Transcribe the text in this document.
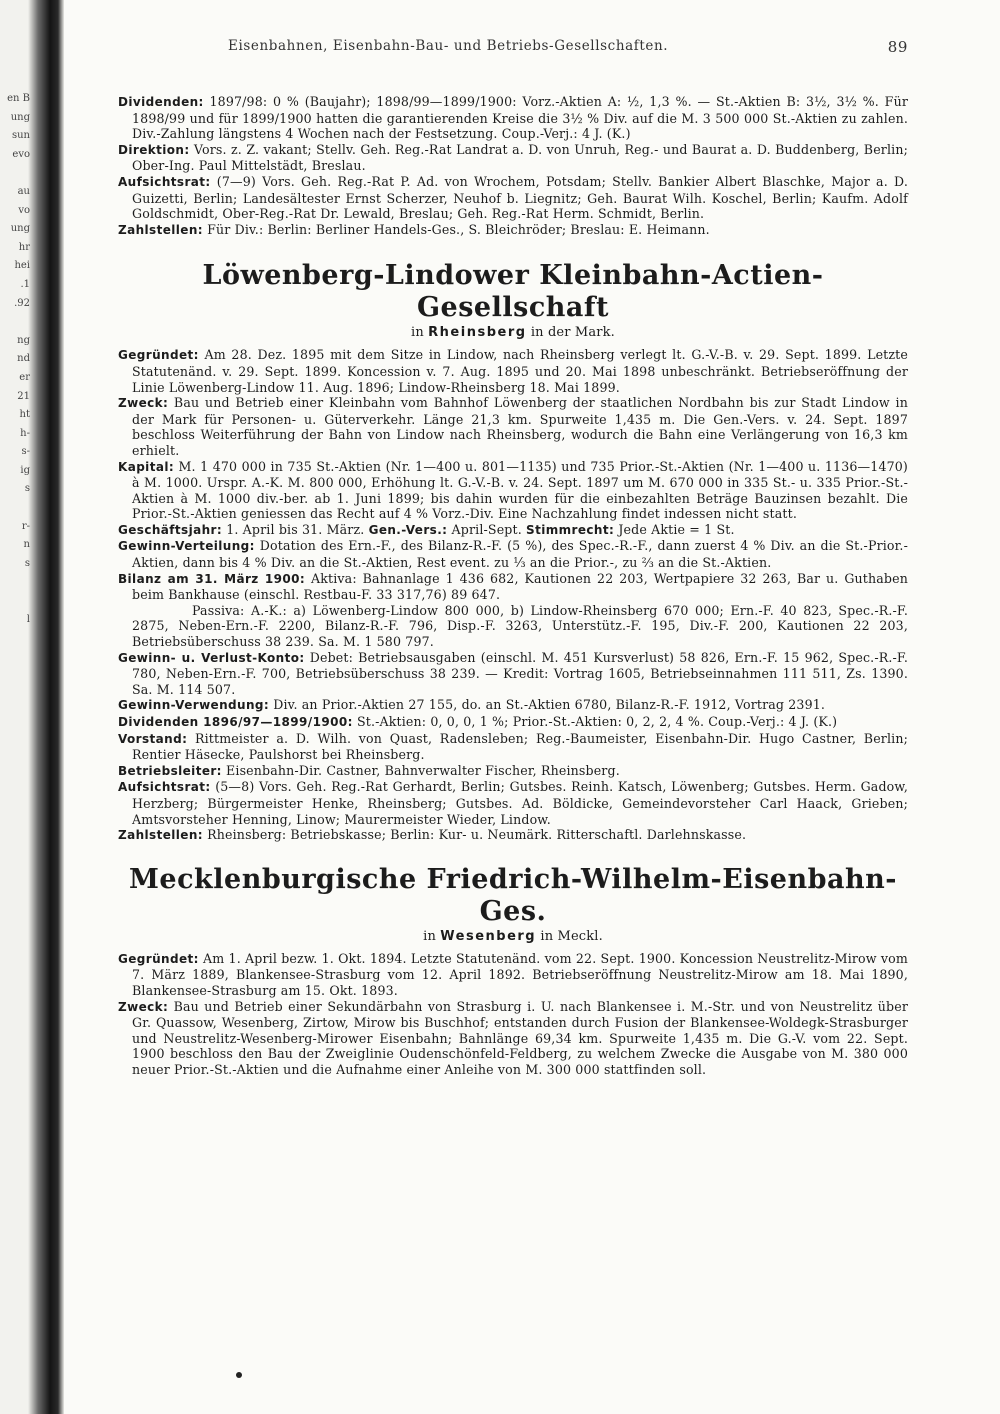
en B
ung
sun
evo
au
vo
ung
hr
hei
.1
.92
ng
nd
er
21
ht
h-
s-
ig
s
r-
n
s
l
Eisenbahnen, Eisenbahn-Bau- und Betriebs-Gesellschaften.	89

Dividenden: 1897/98: 0 % (Baujahr); 1898/99—1899/1900: Vorz.-Aktien A: ½, 1,3 %. — St.-Aktien B: 3½, 3½ %. Für 1898/99 und für 1899/1900 hatten die garantierenden Kreise die 3½ % Div. auf die M. 3 500 000 St.-Aktien zu zahlen. Div.-Zahlung längstens 4 Wochen nach der Festsetzung. Coup.-Verj.: 4 J. (K.)

Direktion: Vors. z. Z. vakant; Stellv. Geh. Reg.-Rat Landrat a. D. von Unruh, Reg.- und Baurat a. D. Buddenberg, Berlin; Ober-Ing. Paul Mittelstädt, Breslau.

Aufsichtsrat: (7—9) Vors. Geh. Reg.-Rat P. Ad. von Wrochem, Potsdam; Stellv. Bankier Albert Blaschke, Major a. D. Guizetti, Berlin; Landesältester Ernst Scherzer, Neuhof b. Liegnitz; Geh. Baurat Wilh. Koschel, Berlin; Kaufm. Adolf Goldschmidt, Ober-Reg.-Rat Dr. Lewald, Breslau; Geh. Reg.-Rat Herm. Schmidt, Berlin.

Zahlstellen: Für Div.: Berlin: Berliner Handels-Ges., S. Bleichröder; Breslau: E. Heimann.

Löwenberg-Lindower Kleinbahn-Actien-Gesellschaft

in Rheinsberg in der Mark.

Gegründet: Am 28. Dez. 1895 mit dem Sitze in Lindow, nach Rheinsberg verlegt lt. G.-V.-B. v. 29. Sept. 1899. Letzte Statutenänd. v. 29. Sept. 1899. Koncession v. 7. Aug. 1895 und 20. Mai 1898 unbeschränkt. Betriebseröffnung der Linie Löwenberg-Lindow 11. Aug. 1896; Lindow-Rheinsberg 18. Mai 1899.

Zweck: Bau und Betrieb einer Kleinbahn vom Bahnhof Löwenberg der staatlichen Nordbahn bis zur Stadt Lindow in der Mark für Personen- u. Güterverkehr. Länge 21,3 km. Spurweite 1,435 m. Die Gen.-Vers. v. 24. Sept. 1897 beschloss Weiterführung der Bahn von Lindow nach Rheinsberg, wodurch die Bahn eine Verlängerung von 16,3 km erhielt.

Kapital: M. 1 470 000 in 735 St.-Aktien (Nr. 1—400 u. 801—1135) und 735 Prior.-St.-Aktien (Nr. 1—400 u. 1136—1470) à M. 1000. Urspr. A.-K. M. 800 000, Erhöhung lt. G.-V.-B. v. 24. Sept. 1897 um M. 670 000 in 335 St.- u. 335 Prior.-St.-Aktien à M. 1000 div.-ber. ab 1. Juni 1899; bis dahin wurden für die einbezahlten Beträge Bauzinsen bezahlt. Die Prior.-St.-Aktien geniessen das Recht auf 4 % Vorz.-Div. Eine Nachzahlung findet indessen nicht statt.

Geschäftsjahr: 1. April bis 31. März. Gen.-Vers.: April-Sept. Stimmrecht: Jede Aktie = 1 St.

Gewinn-Verteilung: Dotation des Ern.-F., des Bilanz-R.-F. (5 %), des Spec.-R.-F., dann zuerst 4 % Div. an die St.-Prior.-Aktien, dann bis 4 % Div. an die St.-Aktien, Rest event. zu ⅓ an die Prior.-, zu ⅔ an die St.-Aktien.

Bilanz am 31. März 1900: Aktiva: Bahnanlage 1 436 682, Kautionen 22 203, Wertpapiere 32 263, Bar u. Guthaben beim Bankhause (einschl. Restbau-F. 33 317,76) 89 647.
Passiva: A.-K.: a) Löwenberg-Lindow 800 000, b) Lindow-Rheinsberg 670 000; Ern.-F. 40 823, Spec.-R.-F. 2875, Neben-Ern.-F. 2200, Bilanz-R.-F. 796, Disp.-F. 3263, Unterstütz.-F. 195, Div.-F. 200, Kautionen 22 203, Betriebsüberschuss 38 239. Sa. M. 1 580 797.

Gewinn- u. Verlust-Konto: Debet: Betriebsausgaben (einschl. M. 451 Kursverlust) 58 826, Ern.-F. 15 962, Spec.-R.-F. 780, Neben-Ern.-F. 700, Betriebsüberschuss 38 239. — Kredit: Vortrag 1605, Betriebseinnahmen 111 511, Zs. 1390. Sa. M. 114 507.

Gewinn-Verwendung: Div. an Prior.-Aktien 27 155, do. an St.-Aktien 6780, Bilanz-R.-F. 1912, Vortrag 2391.

Dividenden 1896/97—1899/1900: St.-Aktien: 0, 0, 0, 1 %; Prior.-St.-Aktien: 0, 2, 2, 4 %. Coup.-Verj.: 4 J. (K.)

Vorstand: Rittmeister a. D. Wilh. von Quast, Radensleben; Reg.-Baumeister, Eisenbahn-Dir. Hugo Castner, Berlin; Rentier Häsecke, Paulshorst bei Rheinsberg.

Betriebsleiter: Eisenbahn-Dir. Castner, Bahnverwalter Fischer, Rheinsberg.

Aufsichtsrat: (5—8) Vors. Geh. Reg.-Rat Gerhardt, Berlin; Gutsbes. Reinh. Katsch, Löwenberg; Gutsbes. Herm. Gadow, Herzberg; Bürgermeister Henke, Rheinsberg; Gutsbes. Ad. Böldicke, Gemeindevorsteher Carl Haack, Grieben; Amtsvorsteher Henning, Linow; Maurermeister Wieder, Lindow.

Zahlstellen: Rheinsberg: Betriebskasse; Berlin: Kur- u. Neumärk. Ritterschaftl. Darlehnskasse.

Mecklenburgische Friedrich-Wilhelm-Eisenbahn-Ges.

in Wesenberg in Meckl.

Gegründet: Am 1. April bezw. 1. Okt. 1894. Letzte Statutenänd. vom 22. Sept. 1900. Koncession Neustrelitz-Mirow vom 7. März 1889, Blankensee-Strasburg vom 12. April 1892. Betriebseröffnung Neustrelitz-Mirow am 18. Mai 1890, Blankensee-Strasburg am 15. Okt. 1893.

Zweck: Bau und Betrieb einer Sekundärbahn von Strasburg i. U. nach Blankensee i. M.-Str. und von Neustrelitz über Gr. Quassow, Wesenberg, Zirtow, Mirow bis Buschhof; entstanden durch Fusion der Blankensee-Woldegk-Strasburger und Neustrelitz-Wesenberg-Mirower Eisenbahn; Bahnlänge 69,34 km. Spurweite 1,435 m. Die G.-V. vom 22. Sept. 1900 beschloss den Bau der Zweiglinie Oudenschönfeld-Feldberg, zu welchem Zwecke die Ausgabe von M. 380 000 neuer Prior.-St.-Aktien und die Aufnahme einer Anleihe von M. 300 000 stattfinden soll.
